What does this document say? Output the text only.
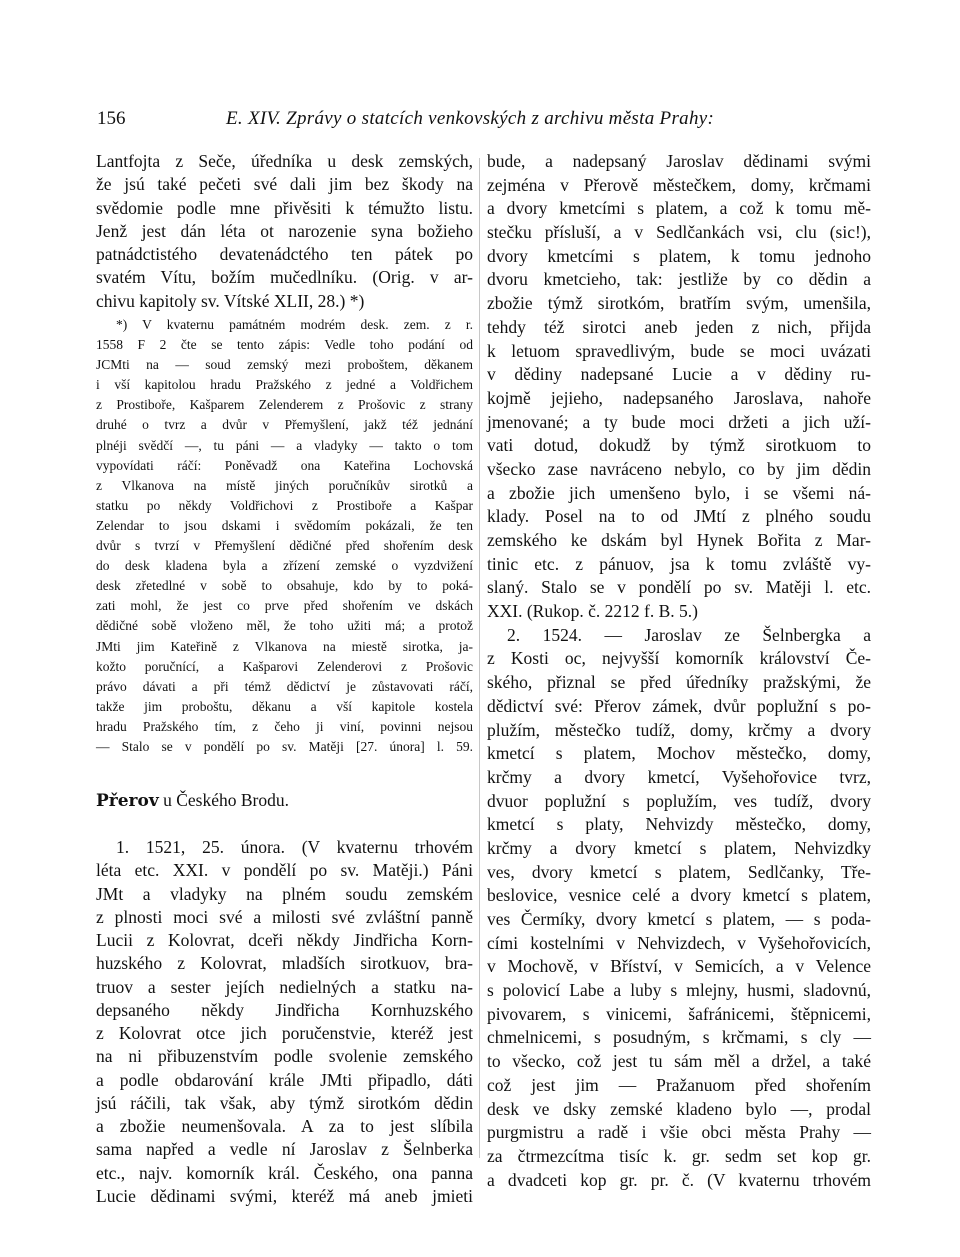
156	E. XIV. Zprávy o statcích venkovských z archivu města Prahy:
Lantfojta z Seče, úředníka u desk zemských,
že jsú také pečeti své dali jim bez škody na
svědomie podle mne přivěsiti k témužto listu.
Jenž jest dán léta ot narozenie syna božieho
patnádctistého devatenádctého ten pátek po
svatém Vítu, božím mučedlníku. (Orig. v ar-
chivu kapitoly sv. Vítské XLII, 28.) *)
*) V kvaternu památném modrém desk. zem. z r.
1558 F 2 čte se tento zápis: Vedle toho podání od
JCMti na — soud zemský mezi proboštem, děkanem
i vší kapitolou hradu Pražského z jedné a Voldřichem
z Prostiboře, Kašparem Zelenderem z Prošovic z strany
druhé o tvrz a dvůr v Přemyšlení, jakž též jednání
plnéji svědčí —, tu páni — a vladyky — takto o tom
vypovídati ráčí: Poněvadž ona Kateřina Lochovská
z Vlkanova na místě jiných poručníkův sirotků a
statku po někdy Voldřichovi z Prostiboře a Kašpar
Zelendar to jsou dskami i svědomím pokázali, že ten
dvůr s tvrzí v Přemyšlení dědičné před shořením desk
do desk kladena byla a zřízení zemské o vyzdvižení
desk zřetedlné v sobě to obsahuje, kdo by to poká-
zati mohl, že jest co prve před shořením ve dskách
dědičné sobě vloženo měl, že toho užiti má; a protož
JMti jim Kateřině z Vlkanova na miestě sirotka, ja-
kožto poručnící, a Kašparovi Zelenderovi z Prošovic
právo dávati a při témž dědictví je zůstavovati ráčí,
takže jim proboštu, děkanu a vší kapitole kostela
hradu Pražského tím, z čeho ji viní, povinni nejsou
— Stalo se v pondělí po sv. Matěji [27. února] l. 59.
Přerov u Českého Brodu.
1. 1521, 25. února. (V kvaternu trhovém
léta etc. XXI. v pondělí po sv. Matěji.) Páni
JMt a vladyky na plném soudu zemském
z plnosti moci své a milosti své zvláštní panně
Lucii z Kolovrat, dceři někdy Jindřicha Korn-
huzského z Kolovrat, mladších sirotkuov, bra-
truov a sester jejích nedielných a statku na-
depsaného někdy Jindřicha Kornhuzského
z Kolovrat otce jich poručenstvie, kteréž jest
na ni přibuzenstvím podle svolenie zemského
a podle obdarování krále JMti připadlo, dáti
jsú ráčili, tak však, aby týmž sirotkóm dědin
a zbožie neumenšovala. A za to jest slíbila
sama napřed a vedle ní Jaroslav z Šelnberka
etc., najv. komorník král. Českého, ona panna
Lucie dědinami svými, kteréž má aneb jmieti
bude, a nadepsaný Jaroslav dědinami svými
zejména v Přerově městečkem, domy, krčmami
a dvory kmetcími s platem, a což k tomu mě-
stečku přísluší, a v Sedlčankách vsi, clu (sic!),
dvory kmetcími s platem, k tomu jednoho
dvoru kmetcieho, tak: jestliže by co dědin a
zbožie týmž sirotkóm, bratřím svým, umenšila,
tehdy též sirotci aneb jeden z nich, přijda
k letuom spravedlivým, bude se moci uvázati
v dědiny nadepsané Lucie a v dědiny ru-
kojmě jejieho, nadepsaného Jaroslava, nahoře
jmenované; a ty bude moci držeti a jich uží-
vati dotud, dokudž by týmž sirotkuom to
všecko zase navráceno nebylo, co by jim dědin
a zbožie jich umenšeno bylo, i se všemi ná-
klady. Posel na to od JMtí z plného soudu
zemského ke dskám byl Hynek Bořita z Mar-
tinic etc. z pánuov, jsa k tomu zvláště vy-
slaný. Stalo se v pondělí po sv. Matěji l. etc.
XXI. (Rukop. č. 2212 f. B. 5.)
2. 1524. — Jaroslav ze Šelnbergka a
z Kosti oc, nejvyšší komorník království Če-
ského, přiznal se před úředníky pražskými, že
dědictví své: Přerov zámek, dvůr poplužní s po-
plužím, městečko tudíž, domy, krčmy a dvory
kmetcí s platem, Mochov městečko, domy,
krčmy a dvory kmetcí, Vyšehořovice tvrz,
dvuor poplužní s poplužím, ves tudíž, dvory
kmetcí s platy, Nehvizdy městečko, domy,
krčmy a dvory kmetcí s platem, Nehvizdky
ves, dvory kmetcí s platem, Sedlčanky, Tře-
beslovice, vesnice celé a dvory kmetcí s platem,
ves Čermíky, dvory kmetcí s platem, — s poda-
cími kostelními v Nehvizdech, v Vyšehořovicích,
v Mochově, v Bříství, v Semicích, a v Velence
s polovicí Labe a luby s mlejny, husmi, sladovnú,
pivovarem, s vinicemi, šafránicemi, štěpnicemi,
chmelnicemi, s posudným, s krčmami, s cly —
to všecko, což jest tu sám měl a držel, a také
což jest jim — Pražanuom před shořením
desk ve dsky zemské kladeno bylo —, prodal
purgmistru a radě i všie obci města Prahy —
za čtrmezcítma tisíc k. gr. sedm set kop gr.
a dvadceti kop gr. pr. č. (V kvaternu trhovém
